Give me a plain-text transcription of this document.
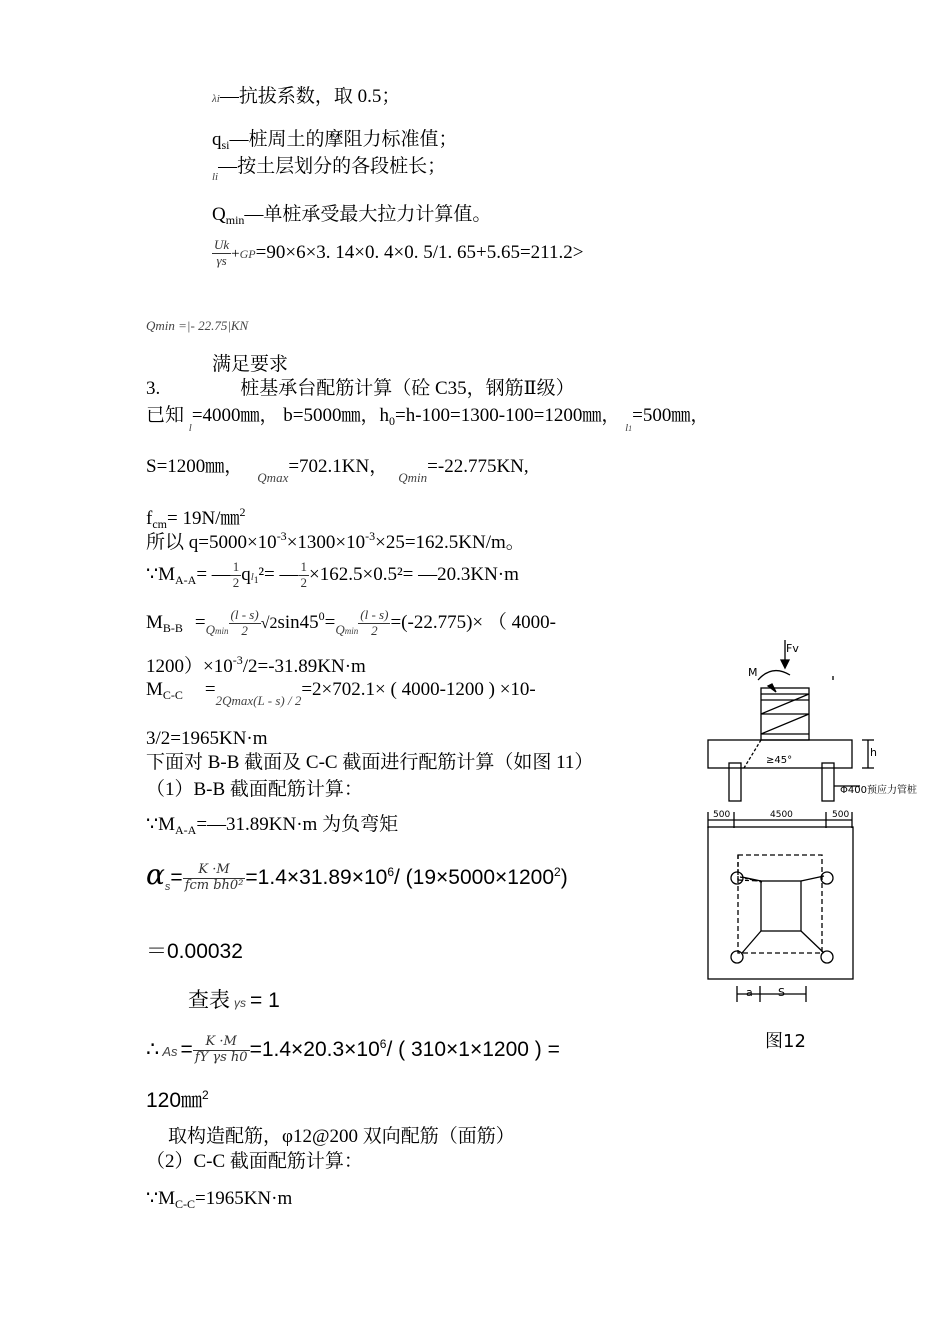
λi—抗拔系数，取 0.5；
$q_{si}—$桩周土的摩阻力标准值；
$_{li}$—按土层划分的各段桩长；
$Q_{min}—$单桩承受最大拉力计算值。
$\frac{Uk}{\gamma s} +GP=90\times 6\times 3$. 14×0. 4×0. 5/1. 65+5.65=211.2>
Qmin =|- 22.75|KN
满足要求
3.	桩基承台配筋计算（砼 C35，钢筋Ⅱ级）
已知 $_l$=4000㎜， b=5000㎜，$h_0=h-100=1300-100=1200㎜$， $_{l1}$=500㎜，
S=1200㎜，$_{Qmax}$=702.1KN，$_{Qmin}$=-22.775KN,
$f_{cm}=$ 19N/㎜$^2$
所以 $q=5000\times 10^{-3}\times 1300\times 10^{-3}\times 25=162.5KN/m$。
$\because M_{A-A}=$ — $\frac{1}{2} ql1^2=$ — $\frac{1}{2} \times 162.5\times 0.5^2=$ —20.3KN·m
$M_{B-B} =_{Qmin} \frac{(l - s)}{2} √2\sin 45^0=_{Qmin} \frac{(l - s)}{2} =(-22.775)\times$ （ 4000-
$1200)\times 10^{-3}/2=-31.89KN\cdot m$
$M_{C-C} =_{2Qmax(L - s) / 2}=2\times 702.1\times$ ( 4000-1200 ) ×10-
3/2=1965KN·m
下面对 B-B 截面及 C-C 截面进行配筋计算（如图 11）
（1）B-B 截面配筋计算：
$\because M_{A-A}=—31.89KN\cdot m$ 为负弯矩
$\alpha_s= \frac{K \cdot M}{\text{fcm bh0²}} =1.4\times 31.89\times 10^6/$ $(19\times 5000\times 1200^2)$
＝0.00032
查表 γs = 1
∴ $As = \frac{K \cdot M}{\text{fY γs h0}} =1.4\times 20.3\times 10^6/$ ( 310×1×1200 ) =
120㎜$^2$
取构造配筋，φ12@200 双向配筋（面筋）
（2）C-C 截面配筋计算：
$\because M_{C-C}=1965KN\cdot m$
Fv
M
h
≥45°
Φ400预应力管桩
500	4500	500
a S
图12
